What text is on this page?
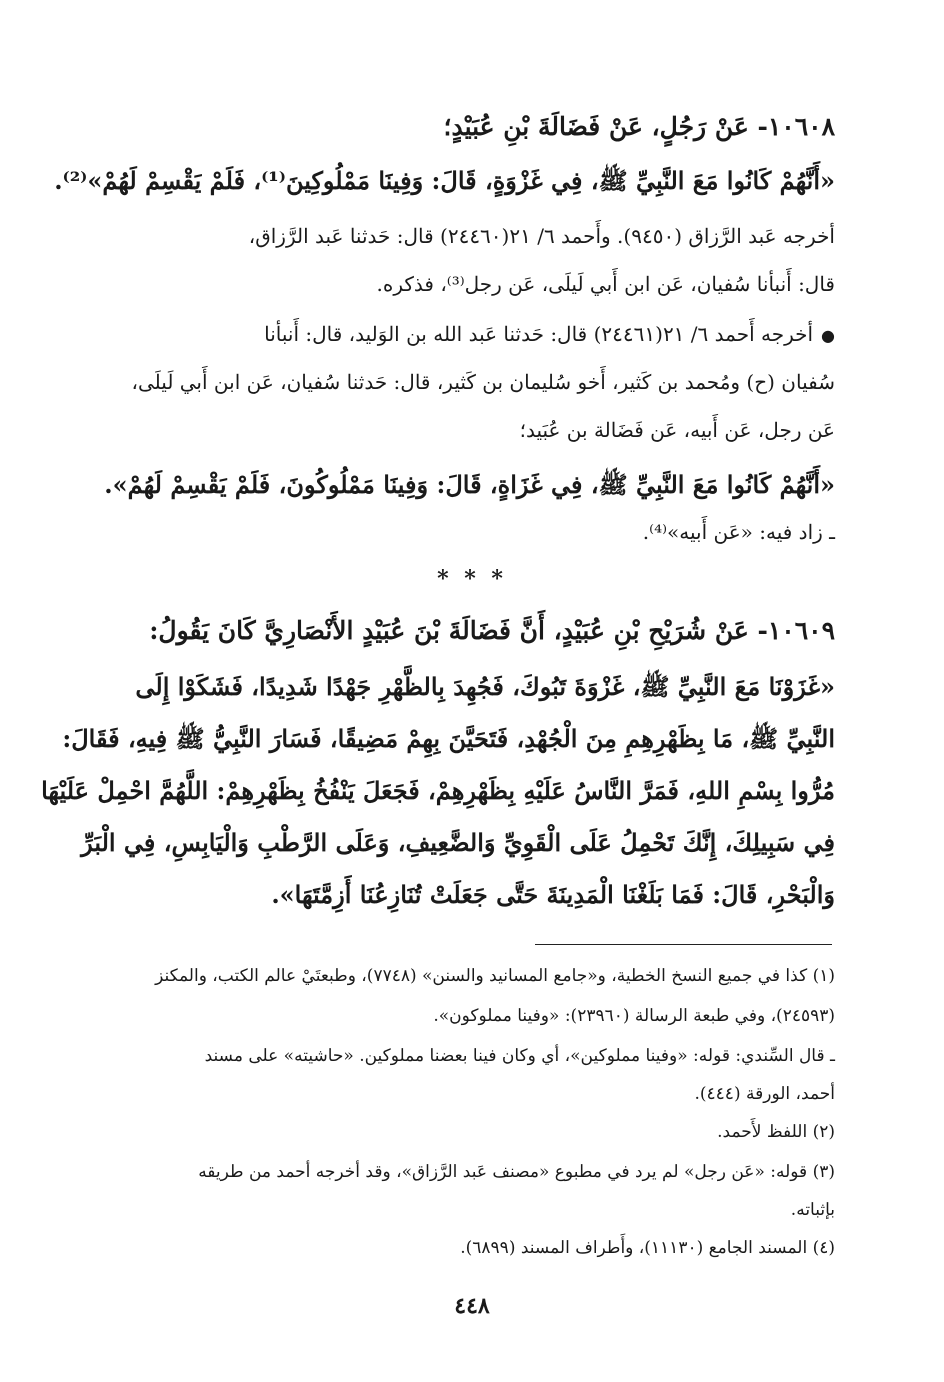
١٠٦٠٨- عَنْ رَجُلٍ، عَنْ فَضَالَةَ بْنِ عُبَيْدٍ؛
«أَنَّهُمْ كَانُوا مَعَ النَّبِيِّ ﷺ، فِي غَزْوَةٍ، قَالَ: وَفِينَا مَمْلُوكِينَ⁽¹⁾، فَلَمْ يَقْسِمْ لَهُمْ»⁽²⁾.
أخرجه عَبد الرَّزاق (٩٤٥٠). وأَحمد ٦/ ٢١(٢٤٤٦٠) قال: حَدثنا عَبد الرَّزاق،
قال: أَنبأنا سُفيان، عَن ابن أَبي لَيلَى، عَن رجل⁽³⁾، فذكره.
●أخرجه أَحمد ٦/ ٢١(٢٤٤٦١) قال: حَدثنا عَبد الله بن الوَليد، قال: أَنبأنا
سُفيان (ح) ومُحمد بن كَثير، أَخو سُليمان بن كَثير، قال: حَدثنا سُفيان، عَن ابن أَبي لَيلَى،
عَن رجل، عَن أَبيه، عَن فَضَالة بن عُبَيد؛
«أَنَّهُمْ كَانُوا مَعَ النَّبِيِّ ﷺ، فِي غَزَاةٍ، قَالَ: وَفِينَا مَمْلُوكُونَ، فَلَمْ يَقْسِمْ لَهُمْ».
ـ زاد فيه: «عَن أَبيه»⁽⁴⁾.
١٠٦٠٩- عَنْ شُرَيْحِ بْنِ عُبَيْدٍ، أَنَّ فَضَالَةَ بْنَ عُبَيْدٍ الأَنْصَارِيَّ كَانَ يَقُولُ:
«غَزَوْنَا مَعَ النَّبِيِّ ﷺ، غَزْوَةَ تَبُوكَ، فَجُهِدَ بِالظَّهْرِ جَهْدًا شَدِيدًا، فَشَكَوْا إِلَى
النَّبِيِّ ﷺ، مَا بِظَهْرِهِمِ مِنَ الْجُهْدِ، فَتَحَيَّنَ بِهِمْ مَضِيقًا، فَسَارَ النَّبِيُّ ﷺ فِيهِ، فَقَالَ:
مُرُّوا بِسْمِ اللهِ، فَمَرَّ النَّاسُ عَلَيْهِ بِظَهْرِهِمْ، فَجَعَلَ يَنْفُخُ بِظَهْرِهِمْ: اللَّهُمَّ احْمِلْ عَلَيْهَا
فِي سَبِيلِكَ، إِنَّكَ تَحْمِلُ عَلَى الْقَوِيِّ وَالضَّعِيفِ، وَعَلَى الرَّطْبِ وَالْيَابِسِ، فِي الْبَرِّ
وَالْبَحْرِ، قَالَ: فَمَا بَلَغْنَا الْمَدِينَةَ حَتَّى جَعَلَتْ تُنَازِعُنَا أَزِمَّتَهَا».
* * *
(١) كذا في جميع النسخ الخطية، و«جامع المسانيد والسنن» (٧٧٤٨)، وطبعتَيْ عالم الكتب، والمكنز
(٢٤٥٩٣)، وفي طبعة الرسالة (٢٣٩٦٠): «وفينا مملوكون».
ـ قال السِّندي: قوله: «وفينا مملوكين»، أي وكان فينا بعضنا مملوكين. «حاشيته» على مسند
أحمد، الورقة (٤٤٤).
(٢) اللفظ لأَحمد.
(٣) قوله: «عَن رجل» لم يرد في مطبوع «مصنف عَبد الرَّزاق»، وقد أخرجه أحمد من طريقه
بإثباته.
(٤) المسند الجامع (١١١٣٠)، وأَطراف المسند (٦٨٩٩).
٤٤٨
